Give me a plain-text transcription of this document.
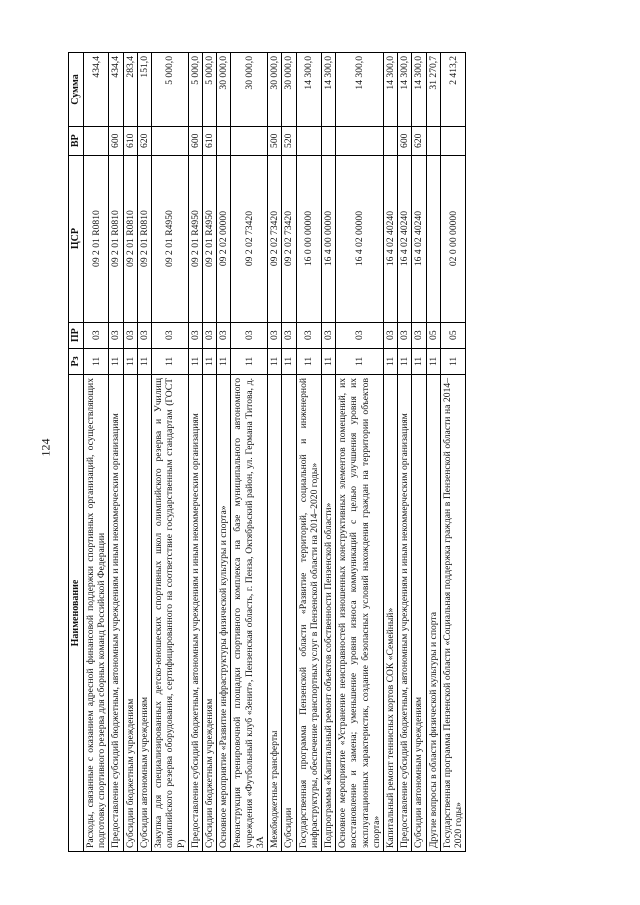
124
Наименование	Рз	ПР	ЦСР	ВР	Сумма
Расходы, связанные с оказанием адресной финансовой поддержки спортивных организаций, осуществляющих подготовку спортивного резерва для сборных команд Российской Федерации	11	03	09 2 01 R0810		434,4
Предоставление субсидий бюджетным, автономным учреждениям и иным некоммерческим организациям	11	03	09 2 01 R0810	600	434,4
Субсидии бюджетным учреждениям	11	03	09 2 01 R0810	610	283,4
Субсидии автономным учреждениям	11	03	09 2 01 R0810	620	151,0
Закупка для специализированных детско-юношеских спортивных школ олимпийского резерва и Училищ олимпийского резерва оборудования, сертифицированного на соответствие государственным стандартам (ГОСТ Р)	11	03	09 2 01 R4950		5 000,0
Предоставление субсидий бюджетным, автономным учреждениям и иным некоммерческим организациям	11	03	09 2 01 R4950	600	5 000,0
Субсидии бюджетным учреждениям	11	03	09 2 01 R4950	610	5 000,0
Основное мероприятие «Развитие инфраструктуры физической культуры и спорта»	11	03	09 2 02 00000		30 000,0
Реконструкция тренировочной площадки спортивного комплекса на базе муниципального автономного учреждения «Футбольный клуб «Зенит», Пензенская область, г. Пенза, Октябрьский район, ул. Германа Титова, д. 3А	11	03	09 2 02 73420		30 000,0
Межбюджетные трансферты	11	03	09 2 02 73420	500	30 000,0
Субсидии	11	03	09 2 02 73420	520	30 000,0
Государственная программа Пензенской области «Развитие территорий, социальной и инженерной инфраструктуры, обеспечение транспортных услуг в Пензенской области на 2014–2020 годы»	11	03	16 0 00 00000		14 300,0
Подпрограмма «Капитальный ремонт объектов собственности Пензенской области»	11	03	16 4 00 00000		14 300,0
Основное мероприятие «Устранение неисправностей изношенных конструктивных элементов помещений, их восстановление и замена; уменьшение уровня износа коммуникаций с целью улучшения уровня их эксплуатационных характеристик, создание безопасных условий нахождения граждан на территории объектов спорта»	11	03	16 4 02 00000		14 300,0
Капитальный ремонт теннисных кортов СОК «Семейный»	11	03	16 4 02 40240		14 300,0
Предоставление субсидий бюджетным, автономным учреждениям и иным некоммерческим организациям	11	03	16 4 02 40240	600	14 300,0
Субсидии автономным учреждениям	11	03	16 4 02 40240	620	14 300,0
Другие вопросы в области физической культуры и спорта	11	05			31 270,7
Государственная программа Пензенской области «Социальная поддержка граждан в Пензенской области на 2014–2020 годы»	11	05	02 0 00 00000		2 413,2
